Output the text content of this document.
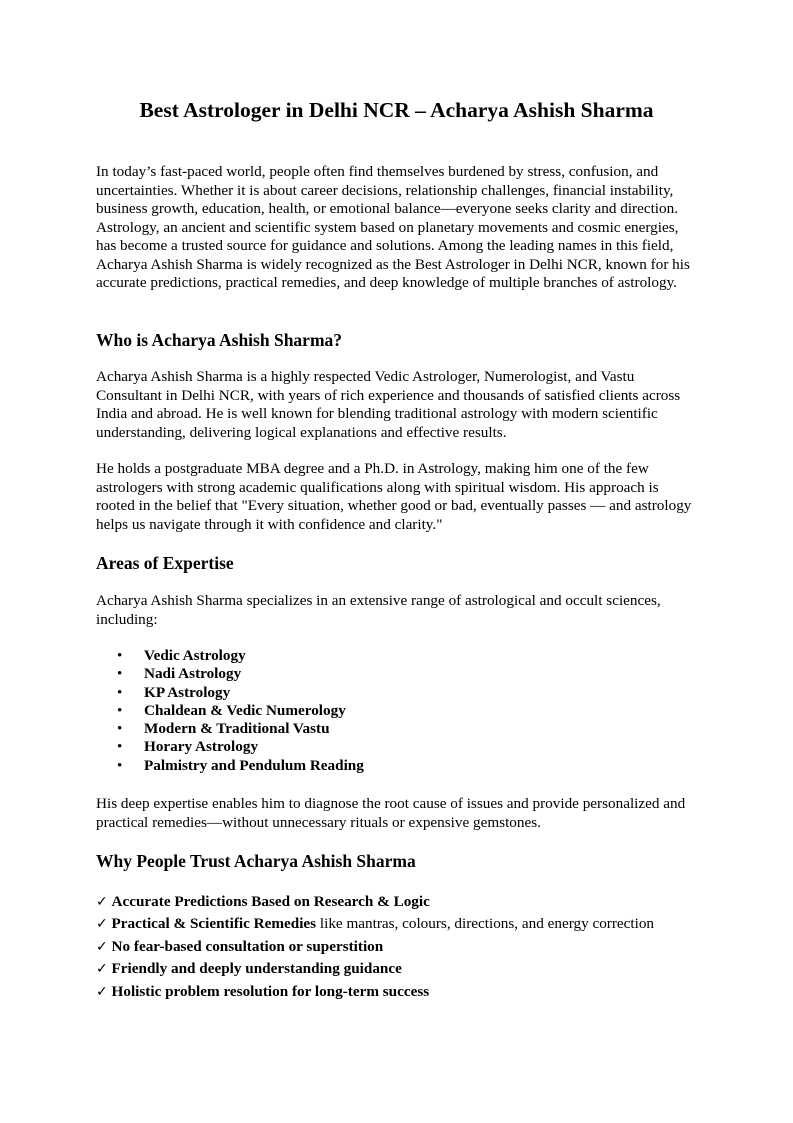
Best Astrologer in Delhi NCR – Acharya Ashish Sharma

In today’s fast-paced world, people often find themselves burdened by stress, confusion, and uncertainties. Whether it is about career decisions, relationship challenges, financial instability, business growth, education, health, or emotional balance—everyone seeks clarity and direction. Astrology, an ancient and scientific system based on planetary movements and cosmic energies, has become a trusted source for guidance and solutions. Among the leading names in this field, Acharya Ashish Sharma is widely recognized as the Best Astrologer in Delhi NCR, known for his accurate predictions, practical remedies, and deep knowledge of multiple branches of astrology.

Who is Acharya Ashish Sharma?

Acharya Ashish Sharma is a highly respected Vedic Astrologer, Numerologist, and Vastu Consultant in Delhi NCR, with years of rich experience and thousands of satisfied clients across India and abroad. He is well known for blending traditional astrology with modern scientific understanding, delivering logical explanations and effective results.

He holds a postgraduate MBA degree and a Ph.D. in Astrology, making him one of the few astrologers with strong academic qualifications along with spiritual wisdom. His approach is rooted in the belief that "Every situation, whether good or bad, eventually passes — and astrology helps us navigate through it with confidence and clarity."

Areas of Expertise

Acharya Ashish Sharma specializes in an extensive range of astrological and occult sciences, including:

• Vedic Astrology
• Nadi Astrology
• KP Astrology
• Chaldean & Vedic Numerology
• Modern & Traditional Vastu
• Horary Astrology
• Palmistry and Pendulum Reading

His deep expertise enables him to diagnose the root cause of issues and provide personalized and practical remedies—without unnecessary rituals or expensive gemstones.

Why People Trust Acharya Ashish Sharma
✓ Accurate Predictions Based on Research & Logic
✓ Practical & Scientific Remedies like mantras, colours, directions, and energy correction
✓ No fear-based consultation or superstition
✓ Friendly and deeply understanding guidance
✓ Holistic problem resolution for long-term success
